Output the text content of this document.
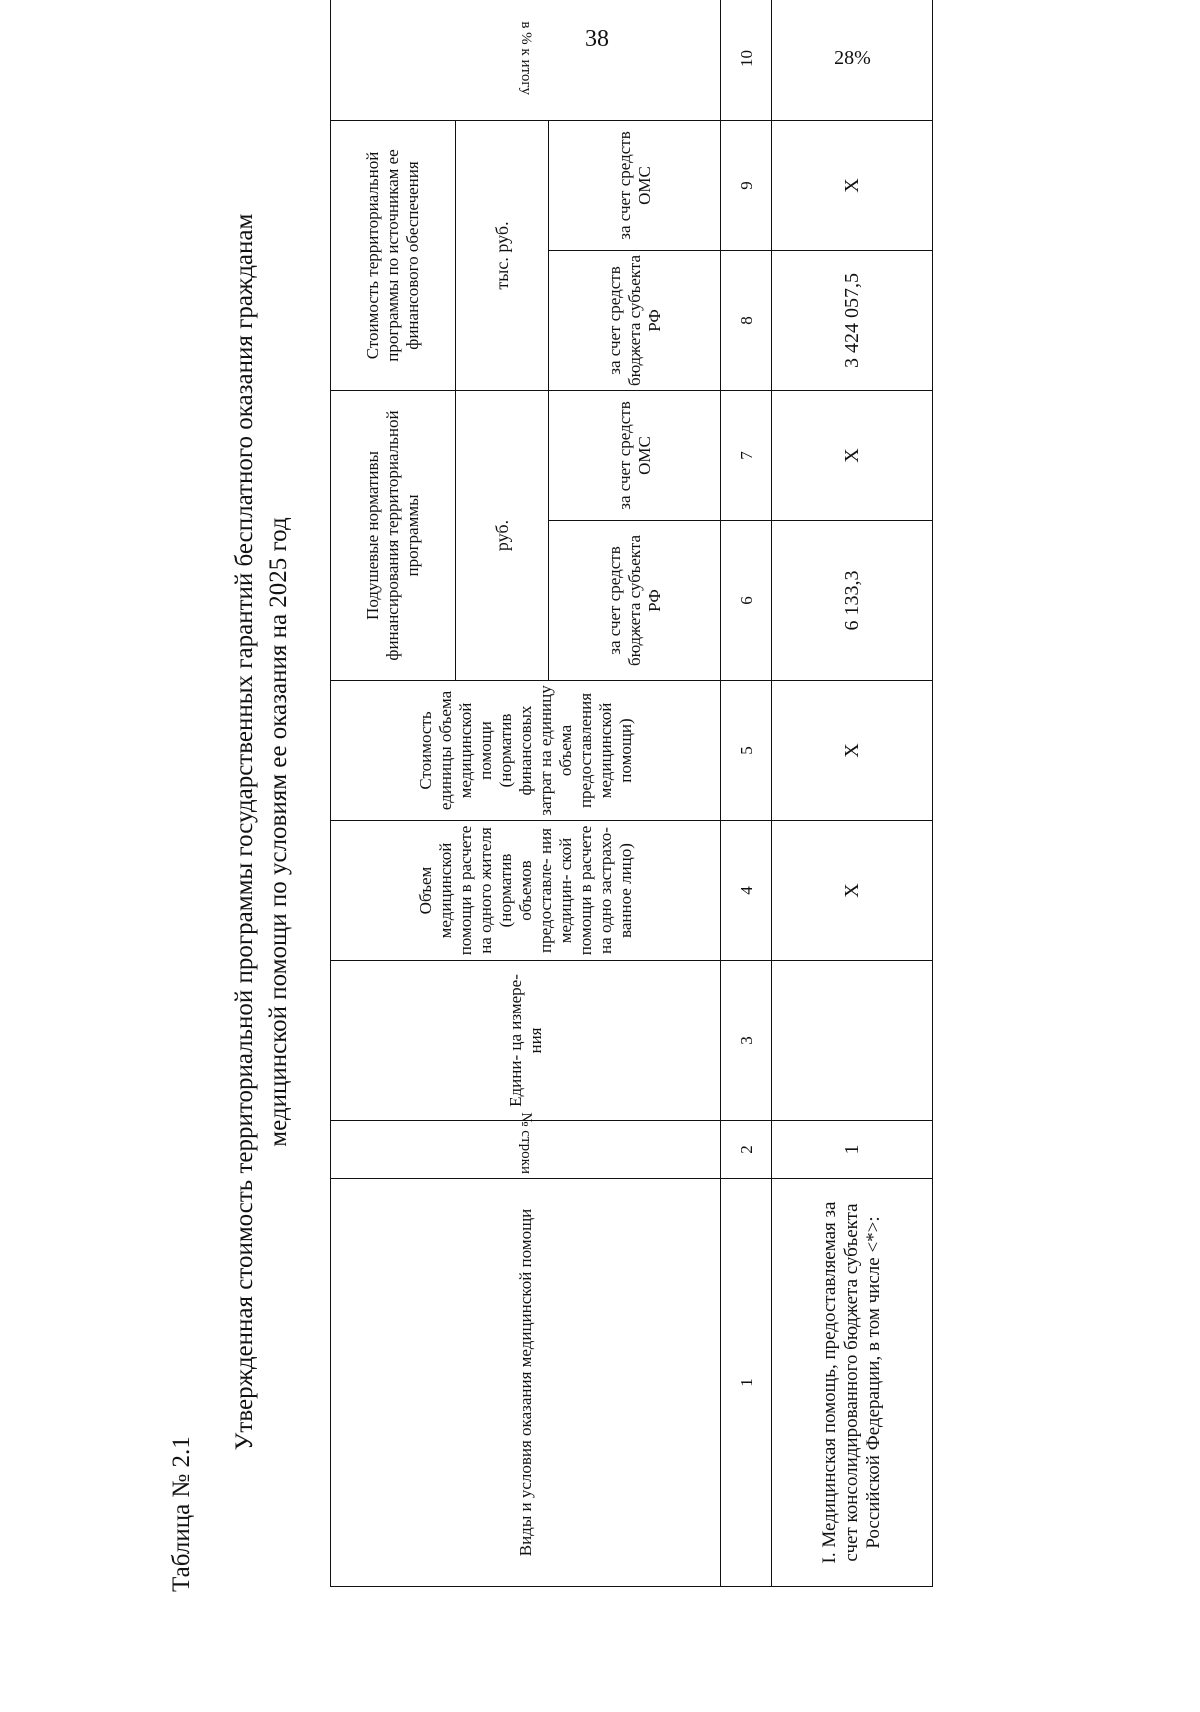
38
Таблица № 2.1
Утвержденная стоимость территориальной программы государственных гарантий бесплатного оказания гражданам медицинской помощи по условиям ее оказания на 2025 год
Виды и условия оказания медицинской помощи	№ строки	Едини- ца измере- ния	Объем медицинской помощи в расчете на одного жителя (норматив объемов предоставле- ния медицин- ской помощи в расчете на одно застрахо- ванное лицо)	Стоимость единицы объема медицинской помощи (норматив финансовых затрат на единицу объема предоставления медицинской помощи)	Подушевые нормативы финансирования территориальной программы		Стоимость территориальной программы по источникам ее финансового обеспечения		в % к итогу
					руб.		тыс. руб.		
					за счет средств бюджета субъекта РФ	за счет средств ОМС	за счет средств бюджета субъекта РФ	за счет средств ОМС	
1	2	3	4	5	6	7	8	9	10
I. Медицинская помощь, предоставляемая за счет консолидированного бюджета субъекта Российской Федерации, в том числе <*>:	1		X	X	6 133,3	X	3 424 057,5	X	28%
